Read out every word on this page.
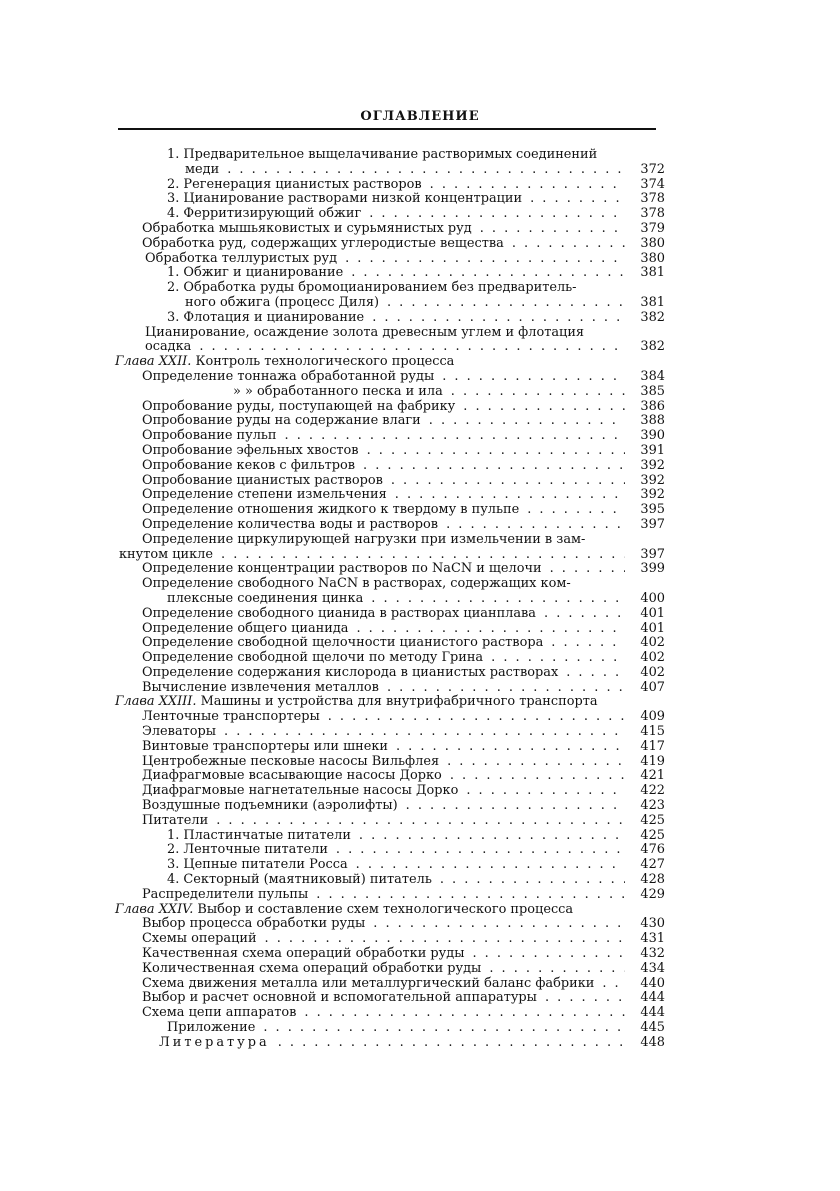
ОГЛАВЛЕНИЕ
1. Предварительное выщелачивание растворимых соединений
меди . . .	372
2. Регенерация цианистых растворов . . .	374
3. Цианирование растворами низкой концентрации . . .	378
4. Ферритизирующий обжиг . . .	378
Обработка мышьяковистых и сурьмянистых руд . . .	379
Обработка руд, содержащих углеродистые вещества . . .	380
Обработка теллуристых руд . . .	380
1. Обжиг и цианирование . . .	381
2. Обработка руды бромоцианированием без предваритель-
ного обжига (процесс Диля) . . .	381
3. Флотация и цианирование . . .	382
Цианирование, осаждение золота древесным углем и флотация
осадка . . .	382
Глава XXII. Контроль технологического процесса
Определение тоннажа обработанной руды . . .	384
» » обработанного песка и ила . . .	385
Опробование руды, поступающей на фабрику . . .	386
Опробование руды на содержание влаги . . .	388
Опробование пульп . . .	390
Опробование эфельных хвостов . . .	391
Опробование кеков с фильтров . . .	392
Опробование цианистых растворов . . .	392
Определение степени измельчения . . .	392
Определение отношения жидкого к твердому в пульпе . . .	395
Определение количества воды и растворов . . .	397
Определение циркулирующей нагрузки при измельчении в зам-
кнутом цикле . . .	397
Определение концентрации растворов по NaCN и щелочи . . .	399
Определение свободного NaCN в растворах, содержащих ком-
плексные соединения цинка . . .	400
Определение свободного цианида в растворах цианплава . . .	401
Определение общего цианида . . .	401
Определение свободной щелочности цианистого раствора . . .	402
Определение свободной щелочи по методу Грина . . .	402
Определение содержания кислорода в цианистых растворах . . .	402
Вычисление извлечения металлов . . .	407
Глава XXIII. Машины и устройства для внутрифабричного транспорта
Ленточные транспортеры . . .	409
Элеваторы . . .	415
Винтовые транспортеры или шнеки . . .	417
Центробежные песковые насосы Вильфлея . . .	419
Диафрагмовые всасывающие насосы Дорко . . .	421
Диафрагмовые нагнетательные насосы Дорко . . .	422
Воздушные подъемники (аэролифты) . . .	423
Питатели . . .	425
1. Пластинчатые питатели . . .	425
2. Ленточные питатели . . .	476
3. Цепные питатели Росса . . .	427
4. Секторный (маятниковый) питатель . . .	428
Распределители пульпы . . .	429
Глава XXIV. Выбор и составление схем технологического процесса
Выбор процесса обработки руды . . .	430
Схемы операций . . .	431
Качественная схема операций обработки руды . . .	432
Количественная схема операций обработки руды . . .	434
Схема движения металла или металлургический баланс фабрики . . .	440
Выбор и расчет основной и вспомогательной аппаратуры . . .	444
Схема цепи аппаратов . . .	444
Приложение . . .	445
Литература . . .	448
